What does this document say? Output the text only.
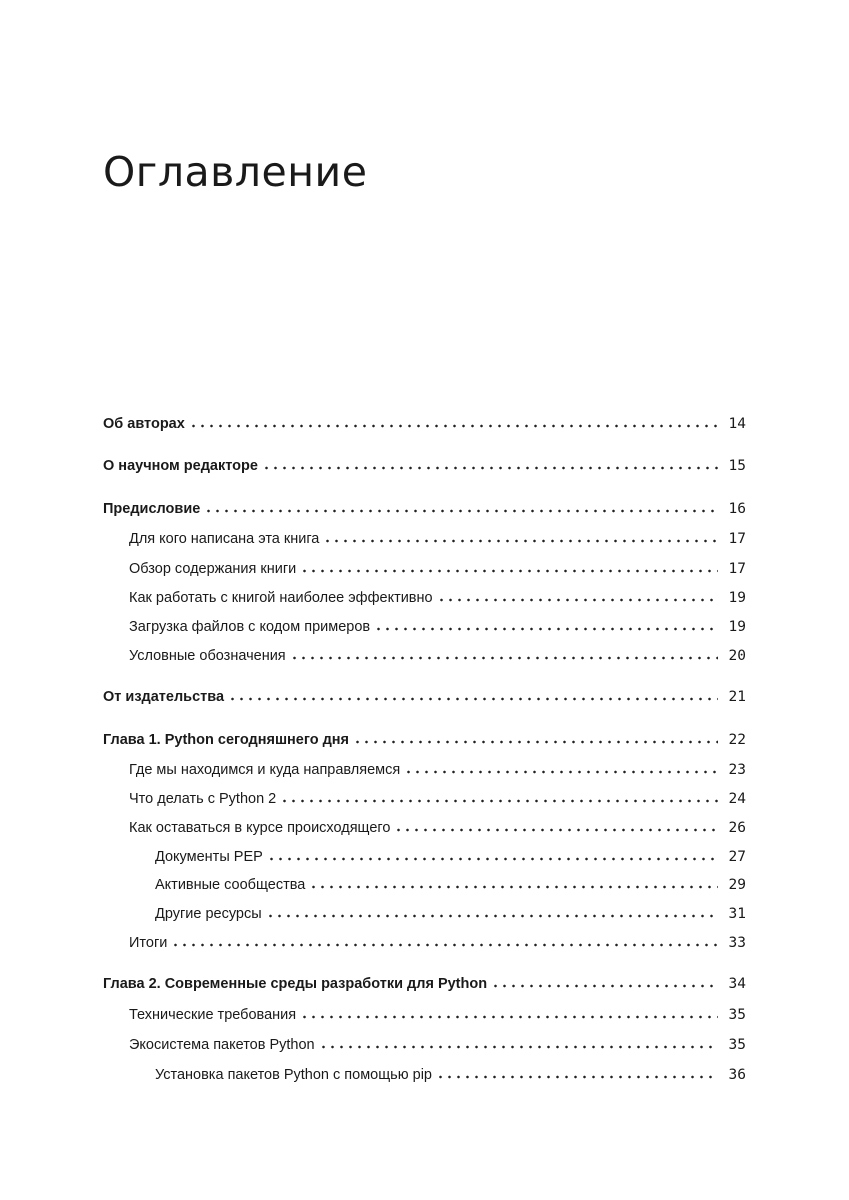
Оглавление
Об авторах	14
О научном редакторе	15
Предисловие	16
Для кого написана эта книга	17
Обзор содержания книги	17
Как работать с книгой наиболее эффективно	19
Загрузка файлов с кодом примеров	19
Условные обозначения	20
От издательства	21
Глава 1. Python сегодняшнего дня	22
Где мы находимся и куда направляемся	23
Что делать с Python 2	24
Как оставаться в курсе происходящего	26
Документы PEP	27
Активные сообщества	29
Другие ресурсы	31
Итоги	33
Глава 2. Современные среды разработки для Python	34
Технические требования	35
Экосистема пакетов Python	35
Установка пакетов Python с помощью pip	36
